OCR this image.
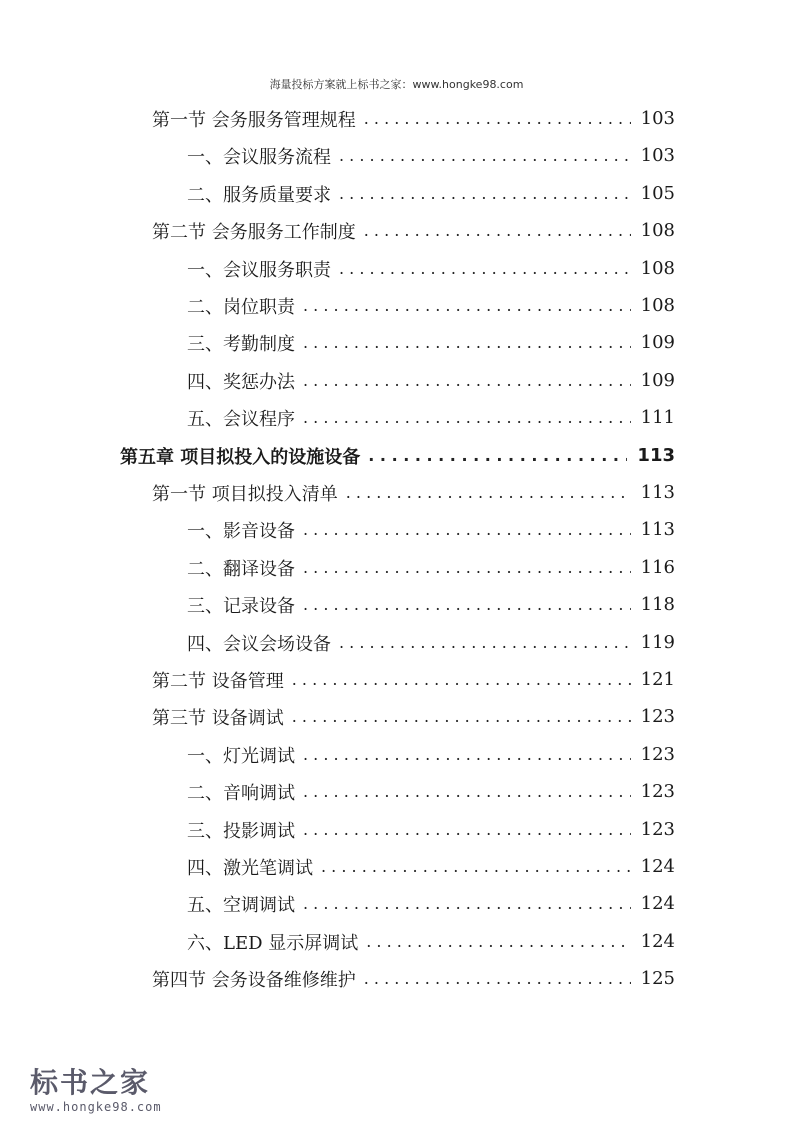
海量投标方案就上标书之家：www.hongke98.com
第一节 会务服务管理规程 . . .	103
一、会议服务流程 . . .	103
二、服务质量要求 . . .	105
第二节 会务服务工作制度 . . .	108
一、会议服务职责 . . .	108
二、岗位职责 . . .	108
三、考勤制度 . . .	109
四、奖惩办法 . . .	109
五、会议程序 . . .	111
第五章 项目拟投入的设施设备 . . .	113
第一节 项目拟投入清单 . . .	113
一、影音设备 . . .	113
二、翻译设备 . . .	116
三、记录设备 . . .	118
四、会议会场设备 . . .	119
第二节 设备管理 . . .	121
第三节 设备调试 . . .	123
一、灯光调试 . . .	123
二、音响调试 . . .	123
三、投影调试 . . .	123
四、激光笔调试 . . .	124
五、空调调试 . . .	124
六、LED 显示屏调试 . . .	124
第四节 会务设备维修维护 . . .	125
标书之家
www.hongke98.com
